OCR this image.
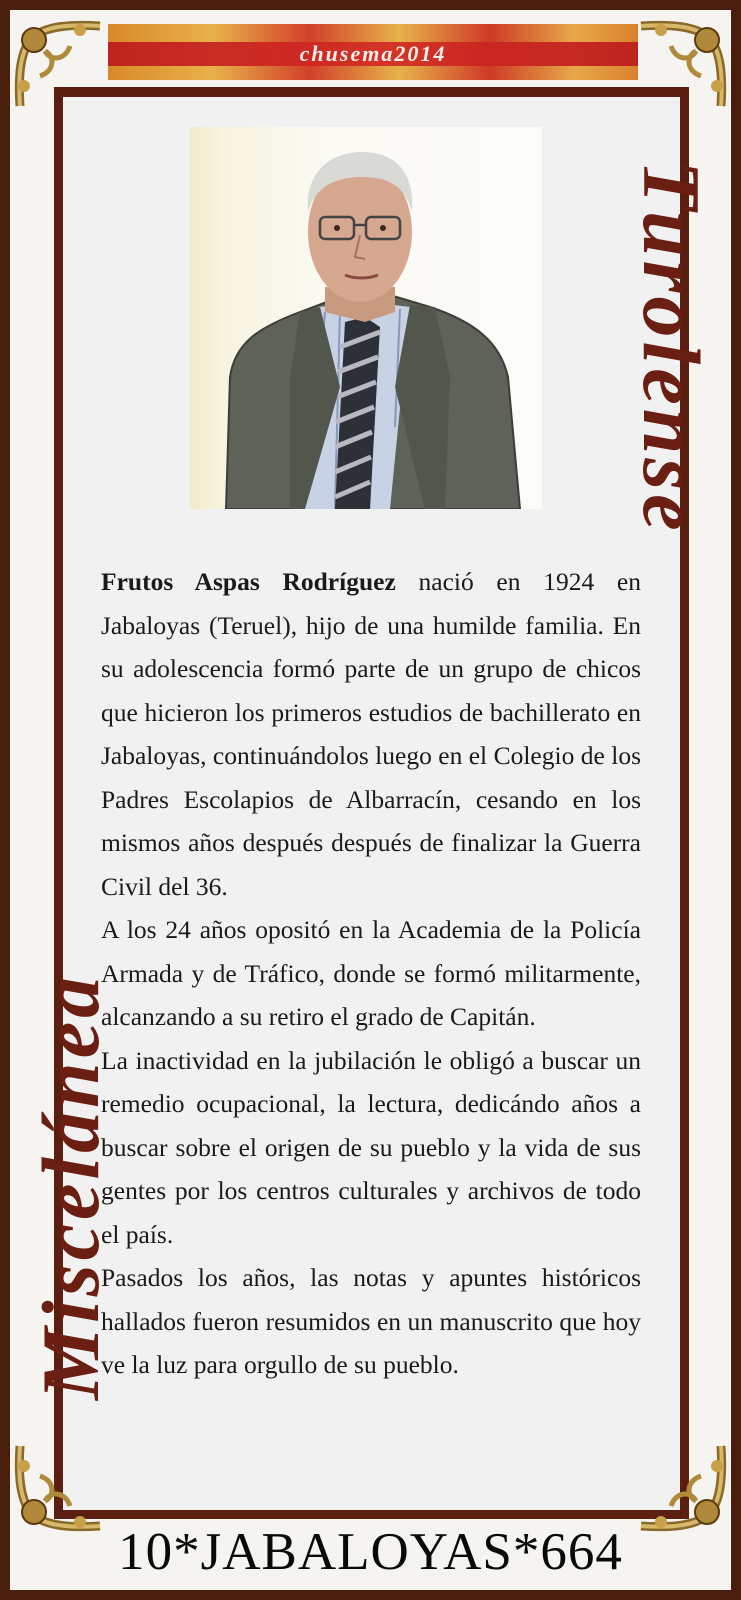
chusema2014
Miscelánea
Turolense

Frutos Aspas Rodríguez nació en 1924 en Jabaloyas (Teruel), hijo de una humilde familia. En su adolescencia formó parte de un grupo de chicos que hicieron los primeros estudios de bachillerato en Jabaloyas, continuándolos luego en el Colegio de los Padres Escolapios de Albarracín, cesando en los mismos años después después de finalizar la Guerra Civil del 36.

A los 24 años opositó en la Academia de la Policía Armada y de Tráfico, donde se formó militarmente, alcanzando a su retiro el grado de Capitán.

La inactividad en la jubilación le obligó a buscar un remedio ocupacional, la lectura, dedicándo años a buscar sobre el origen de su pueblo y la vida de sus gentes por los centros culturales y archivos de todo el país.

Pasados los años, las notas y apuntes históricos hallados fueron resumidos en un manuscrito que hoy ve la luz para orgullo de su pueblo.

10*JABALOYAS*664
